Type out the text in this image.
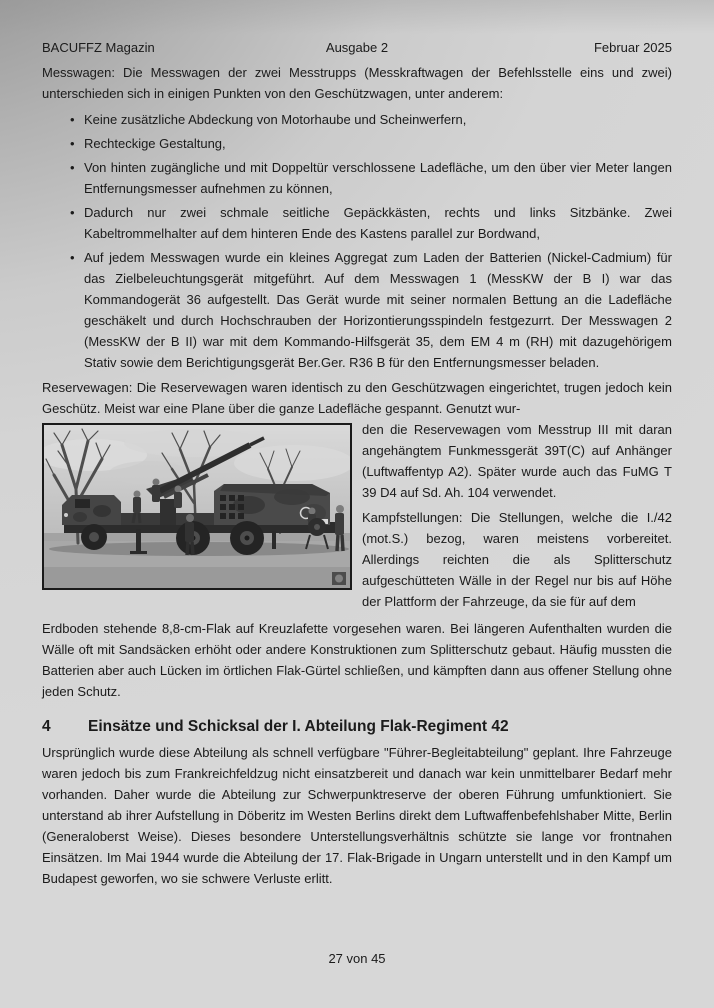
BACUFFZ Magazin	Ausgabe 2	Februar 2025

Messwagen: Die Messwagen der zwei Messtrupps (Messkraftwagen der Befehlsstelle eins und zwei) unterschieden sich in einigen Punkten von den Geschützwagen, unter anderem:

• Keine zusätzliche Abdeckung von Motorhaube und Scheinwerfern,
• Rechteckige Gestaltung,
• Von hinten zugängliche und mit Doppeltür verschlossene Ladefläche, um den über vier Meter langen Entfernungsmesser aufnehmen zu können,
• Dadurch nur zwei schmale seitliche Gepäckkästen, rechts und links Sitzbänke. Zwei Kabeltrommelhalter auf dem hinteren Ende des Kastens parallel zur Bordwand,
• Auf jedem Messwagen wurde ein kleines Aggregat zum Laden der Batterien (Nickel-Cadmium) für das Zielbeleuchtungsgerät mitgeführt. Auf dem Messwagen 1 (MessKW der B I) war das Kommandogerät 36 aufgestellt. Das Gerät wurde mit seiner normalen Bettung an die Ladefläche geschäkelt und durch Hochschrauben der Horizontierungsspindeln festgezurrt. Der Messwagen 2 (MessKW der B II) war mit dem Kommando-Hilfsgerät 35, dem EM 4 m (RH) mit dazugehörigem Stativ sowie dem Berichtigungsgerät Ber.Ger. R36 B für den Entfernungsmesser beladen.

Reservewagen: Die Reservewagen waren identisch zu den Geschützwagen eingerichtet, trugen jedoch kein Geschütz. Meist war eine Plane über die ganze Ladefläche gespannt. Genutzt wur-

den die Reservewagen vom Messtrup III mit daran angehängtem Funkmessgerät 39T(C) auf Anhänger (Luftwaffentyp A2). Später wurde auch das FuMG T 39 D4 auf Sd. Ah. 104 verwendet.

Kampfstellungen: Die Stellungen, welche die I./42 (mot.S.) bezog, waren meistens vorbereitet. Allerdings reichten die als Splitterschutz aufgeschütteten Wälle in der Regel nur bis auf Höhe der Plattform der Fahrzeuge, da sie für auf dem

Erdboden stehende 8,8-cm-Flak auf Kreuzlafette vorgesehen waren. Bei längeren Aufenthalten wurden die Wälle oft mit Sandsäcken erhöht oder andere Konstruktionen zum Splitterschutz gebaut. Häufig mussten die Batterien aber auch Lücken im örtlichen Flak-Gürtel schließen, und kämpften dann aus offener Stellung ohne jeden Schutz.

4 Einsätze und Schicksal der I. Abteilung Flak-Regiment 42

Ursprünglich wurde diese Abteilung als schnell verfügbare "Führer-Begleitabteilung" geplant. Ihre Fahrzeuge waren jedoch bis zum Frankreichfeldzug nicht einsatzbereit und danach war kein unmittelbarer Bedarf mehr vorhanden. Daher wurde die Abteilung zur Schwerpunktreserve der oberen Führung umfunktioniert. Sie unterstand ab ihrer Aufstellung in Döberitz im Westen Berlins direkt dem Luftwaffenbefehlshaber Mitte, Berlin (Generaloberst Weise). Dieses besondere Unterstellungsverhältnis schützte sie lange vor frontnahen Einsätzen. Im Mai 1944 wurde die Abteilung der 17. Flak-Brigade in Ungarn unterstellt und in den Kampf um Budapest geworfen, wo sie schwere Verluste erlitt.

27 von 45
